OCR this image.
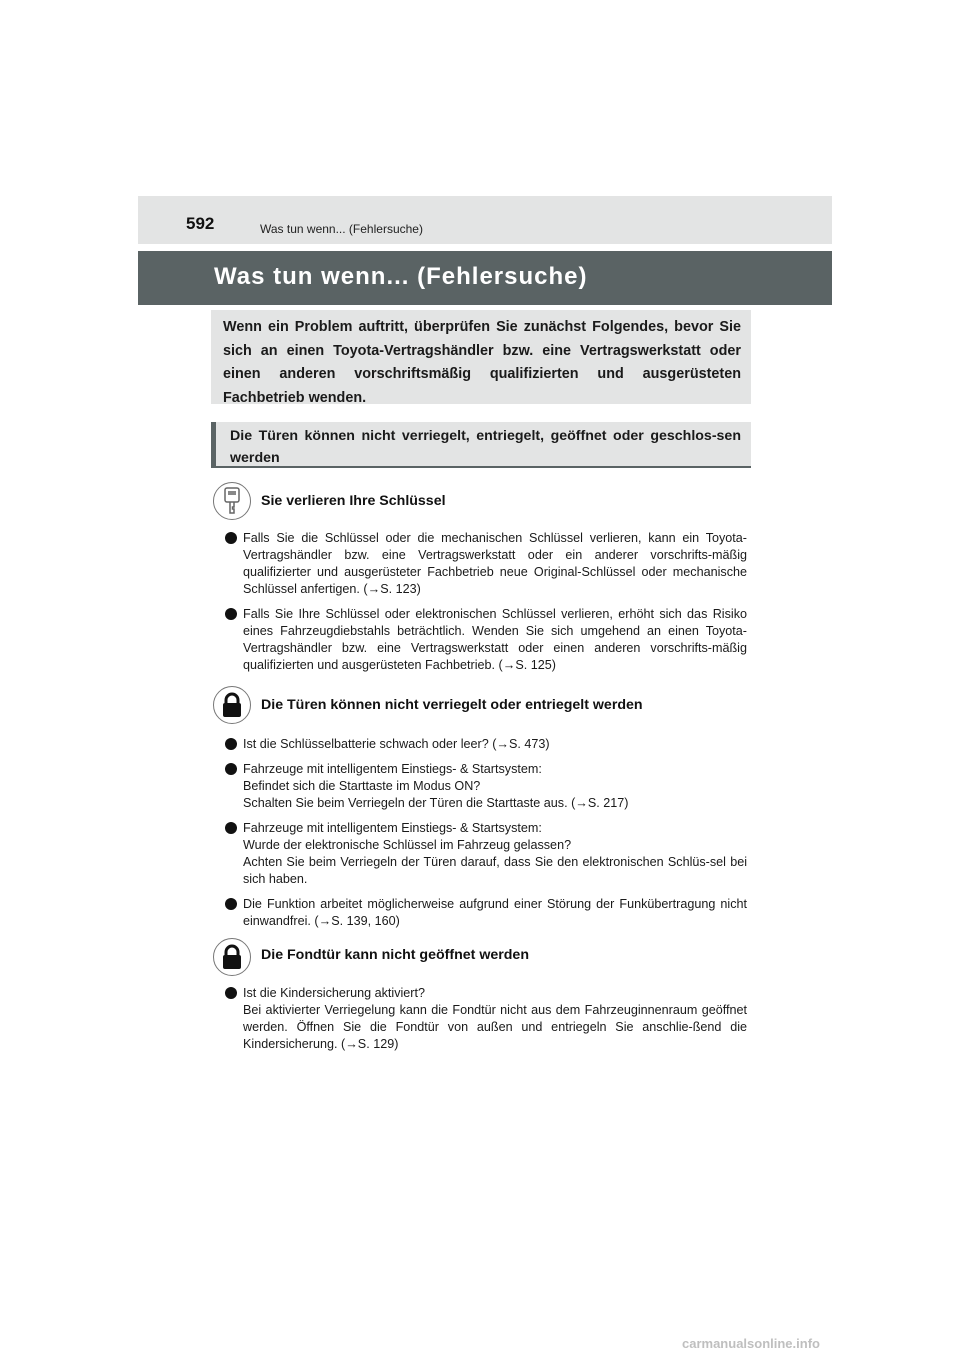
592	Was tun wenn... (Fehlersuche)
Was tun wenn... (Fehlersuche)
Wenn ein Problem auftritt, überprüfen Sie zunächst Folgendes, bevor Sie sich an einen Toyota-Vertragshändler bzw. eine Vertragswerkstatt oder einen anderen vorschriftsmäßig qualifizierten und ausgerüsteten Fachbetrieb wenden.
Die Türen können nicht verriegelt, entriegelt, geöffnet oder geschlos-sen werden
Sie verlieren Ihre Schlüssel
Falls Sie die Schlüssel oder die mechanischen Schlüssel verlieren, kann ein Toyota-Vertragshändler bzw. eine Vertragswerkstatt oder ein anderer vorschrifts-mäßig qualifizierter und ausgerüsteter Fachbetrieb neue Original-Schlüssel oder mechanische Schlüssel anfertigen. (→S. 123)
Falls Sie Ihre Schlüssel oder elektronischen Schlüssel verlieren, erhöht sich das Risiko eines Fahrzeugdiebstahls beträchtlich. Wenden Sie sich umgehend an einen Toyota-Vertragshändler bzw. eine Vertragswerkstatt oder einen anderen vorschrifts-mäßig qualifizierten und ausgerüsteten Fachbetrieb. (→S. 125)
Die Türen können nicht verriegelt oder entriegelt werden
Ist die Schlüsselbatterie schwach oder leer? (→S. 473)
Fahrzeuge mit intelligentem Einstiegs- & Startsystem:
Befindet sich die Starttaste im Modus ON?
Schalten Sie beim Verriegeln der Türen die Starttaste aus. (→S. 217)
Fahrzeuge mit intelligentem Einstiegs- & Startsystem:
Wurde der elektronische Schlüssel im Fahrzeug gelassen?
Achten Sie beim Verriegeln der Türen darauf, dass Sie den elektronischen Schlüs-sel bei sich haben.
Die Funktion arbeitet möglicherweise aufgrund einer Störung der Funkübertragung nicht einwandfrei. (→S. 139, 160)
Die Fondtür kann nicht geöffnet werden
Ist die Kindersicherung aktiviert?
Bei aktivierter Verriegelung kann die Fondtür nicht aus dem Fahrzeuginnenraum geöffnet werden. Öffnen Sie die Fondtür von außen und entriegeln Sie anschlie-ßend die Kindersicherung. (→S. 129)
carmanualsonline.info
